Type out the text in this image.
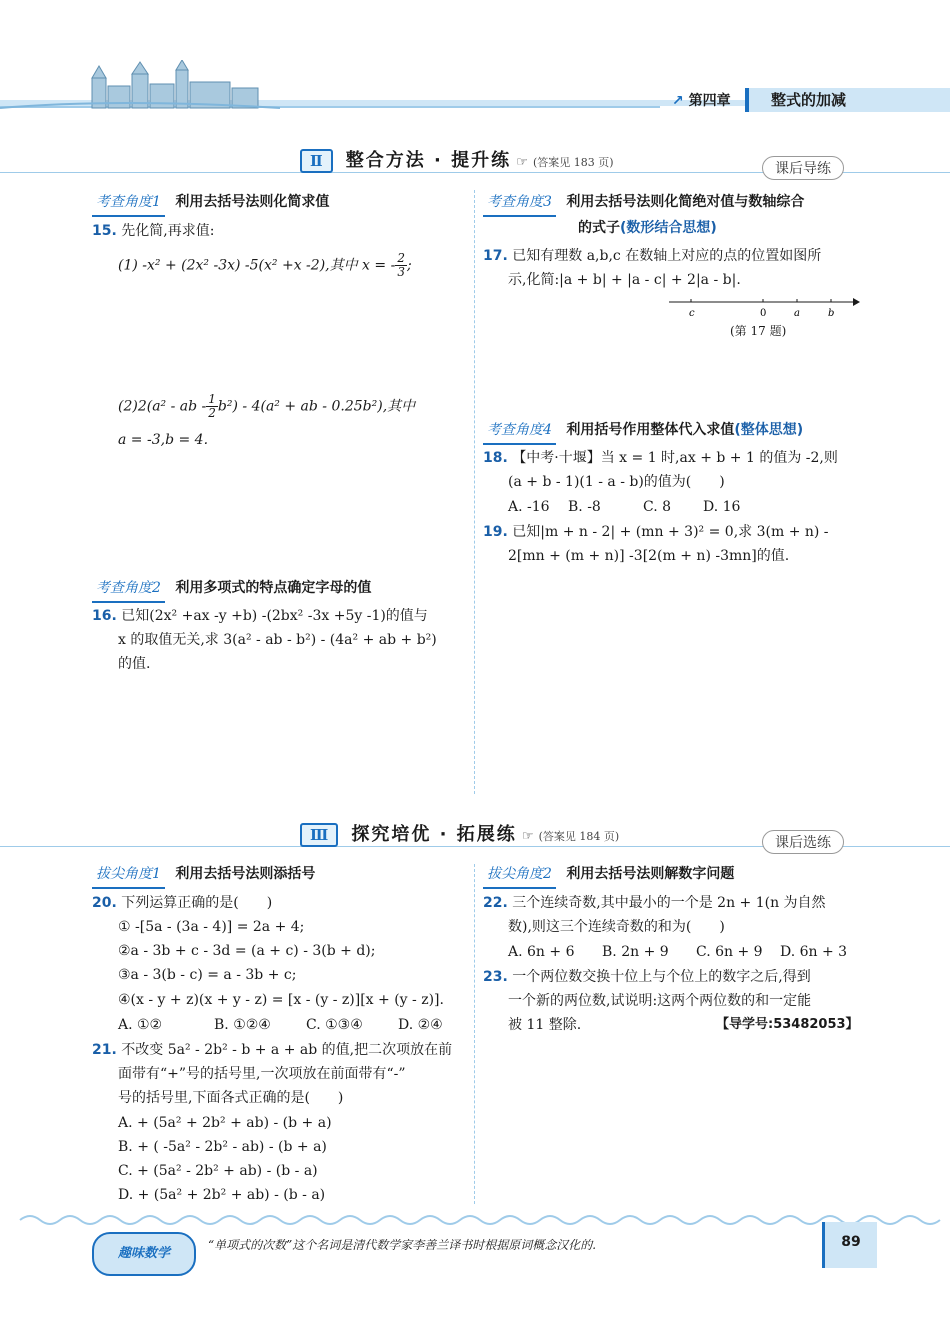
↗ 第四章	整式的加减
Ⅱ 整合方法 · 提升练 ☞ (答案见 183 页)	课后导练
考查角度1 利用去括号法则化简求值
15. 先化简,再求值:
(1) -x² + (2x² -3x) -5(x² +x -2),其中 x = - $\frac{2}{3}$ ;
(2)2(a² - ab - $\frac{1}{2} b^2) - 4(a^2$ + ab - 0.25b²),其中
a = -3,b = 4.
考查角度2 利用多项式的特点确定字母的值
16. 已知(2x² +ax -y +b) -(2bx² -3x +5y -1)的值与
x 的取值无关,求 3(a² - ab - b²) - (4a² + ab + b²)
的值.
考查角度3 利用去括号法则化简绝对值与数轴综合
的式子(数形结合思想)
17. 已知有理数 a,b,c 在数轴上对应的点的位置如图所
示,化简:|a + b| + |a - c| + 2|a - b|.
c	0	a	b
(第 17 题)
考查角度4 利用括号作用整体代入求值(整体思想)
18. 【中考·十堰】当 x = 1 时,ax + b + 1 的值为 -2,则
(a + b - 1)(1 - a - b)的值为(　　)
A. -16 B. -8	C. 8 D. 16
19. 已知|m + n - 2| + (mn + 3)² = 0,求 3(m + n) -
2[mn + (m + n)] -3[2(m + n) -3mn]的值.
Ⅲ 探究培优 · 拓展练 ☞ (答案见 184 页)	课后选练
拔尖角度1 利用去括号法则添括号
20. 下列运算正确的是(　　)
① -[5a - (3a - 4)] = 2a + 4;
②a - 3b + c - 3d = (a + c) - 3(b + d);
③a - 3(b - c) = a - 3b + c;
④(x - y + z)(x + y - z) = [x - (y - z)][x + (y - z)].
A. ①②	B. ①②④	C. ①③④	D. ②④
21. 不改变 5a² - 2b² - b + a + ab 的值,把二次项放在前
面带有“+”号的括号里,一次项放在前面带有“-”
号的括号里,下面各式正确的是(　　)
A. + (5a² + 2b² + ab) - (b + a)
B. + ( -5a² - 2b² - ab) - (b + a)
C. + (5a² - 2b² + ab) - (b - a)
D. + (5a² + 2b² + ab) - (b - a)
拔尖角度2 利用去括号法则解数字问题
22. 三个连续奇数,其中最小的一个是 2n + 1(n 为自然
数),则这三个连续奇数的和为(　　)
A. 6n + 6 B. 2n + 9 C. 6n + 9 D. 6n + 3
23. 一个两位数交换十位上与个位上的数字之后,得到
一个新的两位数,试说明:这两个两位数的和一定能
被 11 整除.	【导学号:53482053】
趣味数学
“单项式的次数”这个名词是清代数学家李善兰译书时根据原词概念汉化的.	89
